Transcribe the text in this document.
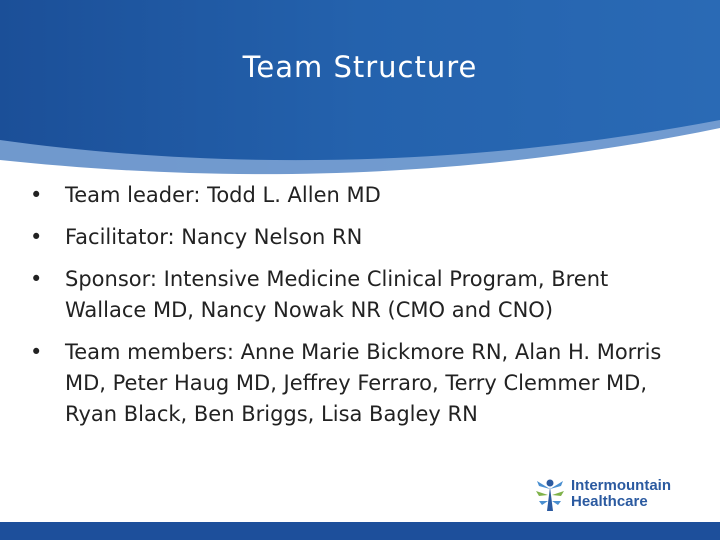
Team Structure
•	Team leader: Todd L. Allen MD
•	Facilitator: Nancy Nelson RN
•	Sponsor: Intensive Medicine Clinical Program, Brent Wallace MD, Nancy Nowak NR (CMO and CNO)
•	Team members: Anne Marie Bickmore RN, Alan H. Morris MD, Peter Haug MD, Jeffrey Ferraro, Terry Clemmer MD, Ryan Black, Ben Briggs, Lisa Bagley RN
Intermountain
Healthcare
